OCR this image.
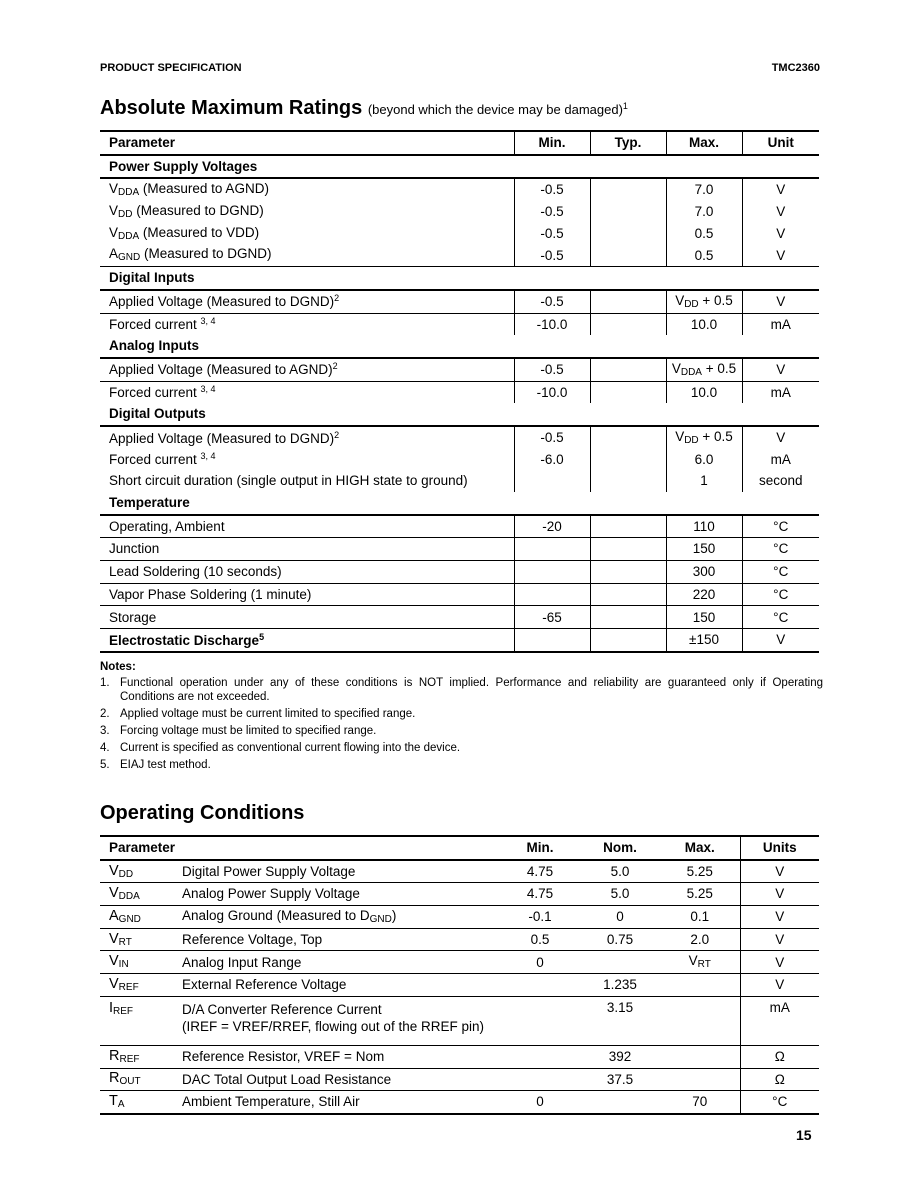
PRODUCT SPECIFICATION	TMC2360
Absolute Maximum Ratings (beyond which the device may be damaged)$^1$
Parameter	Min.	Typ.	Max.	Unit
Power Supply Voltages				
$V_{DDA}$ (Measured to AGND)	-0.5		7.0	V
$V_{DD}$ (Measured to DGND)	-0.5		7.0	V
$V_{DDA}$ (Measured to VDD)	-0.5		0.5	V
$A_{GND}$ (Measured to DGND)	-0.5		0.5	V
Digital Inputs				
Applied Voltage (Measured to DGND)$^2$	-0.5		$V_{DD} + 0.5$	V
Forced current $^{3, 4}$	-10.0		10.0	mA
Analog Inputs				
Applied Voltage (Measured to AGND)$^2$	-0.5		$V_{DDA} + 0.5$	V
Forced current $^{3, 4}$	-10.0		10.0	mA
Digital Outputs				
Applied Voltage (Measured to DGND)$^2$	-0.5		$V_{DD} + 0.5$	V
Forced current $^{3, 4}$	-6.0		6.0	mA
Short circuit duration (single output in HIGH state to ground)			1	second
Temperature				
Operating, Ambient	-20		110	°C
Junction			150	°C
Lead Soldering (10 seconds)			300	°C
Vapor Phase Soldering (1 minute)			220	°C
Storage	-65		150	°C
Electrostatic Discharge$^5$			±150	V
Notes:
1. Functional operation under any of these conditions is NOT implied. Performance and reliability are guaranteed only if Operating Conditions are not exceeded.
2. Applied voltage must be current limited to specified range.
3. Forcing voltage must be limited to specified range.
4. Current is specified as conventional current flowing into the device.
5. EIAJ test method.
Operating Conditions
Parameter		Min.	Nom.	Max.	Units
$V_{DD}$	Digital Power Supply Voltage	4.75	5.0	5.25	V
$V_{DDA}$	Analog Power Supply Voltage	4.75	5.0	5.25	V
$A_{GND}$	Analog Ground (Measured to $D_{GND}$)	-0.1	0	0.1	V
$V_{RT}$	Reference Voltage, Top	0.5	0.75	2.0	V
$V_{IN}$	Analog Input Range	0		$V_{RT}$	V
$V_{REF}$	External Reference Voltage		1.235		V
$I_{REF}$	D/A Converter Reference Current
(IREF = VREF/RREF, flowing out of the RREF pin)		3.15		mA
$R_{REF}$	Reference Resistor, VREF = Nom		392		Ω
$R_{OUT}$	DAC Total Output Load Resistance		37.5		Ω
$T_A$	Ambient Temperature, Still Air	0		70	°C
15
